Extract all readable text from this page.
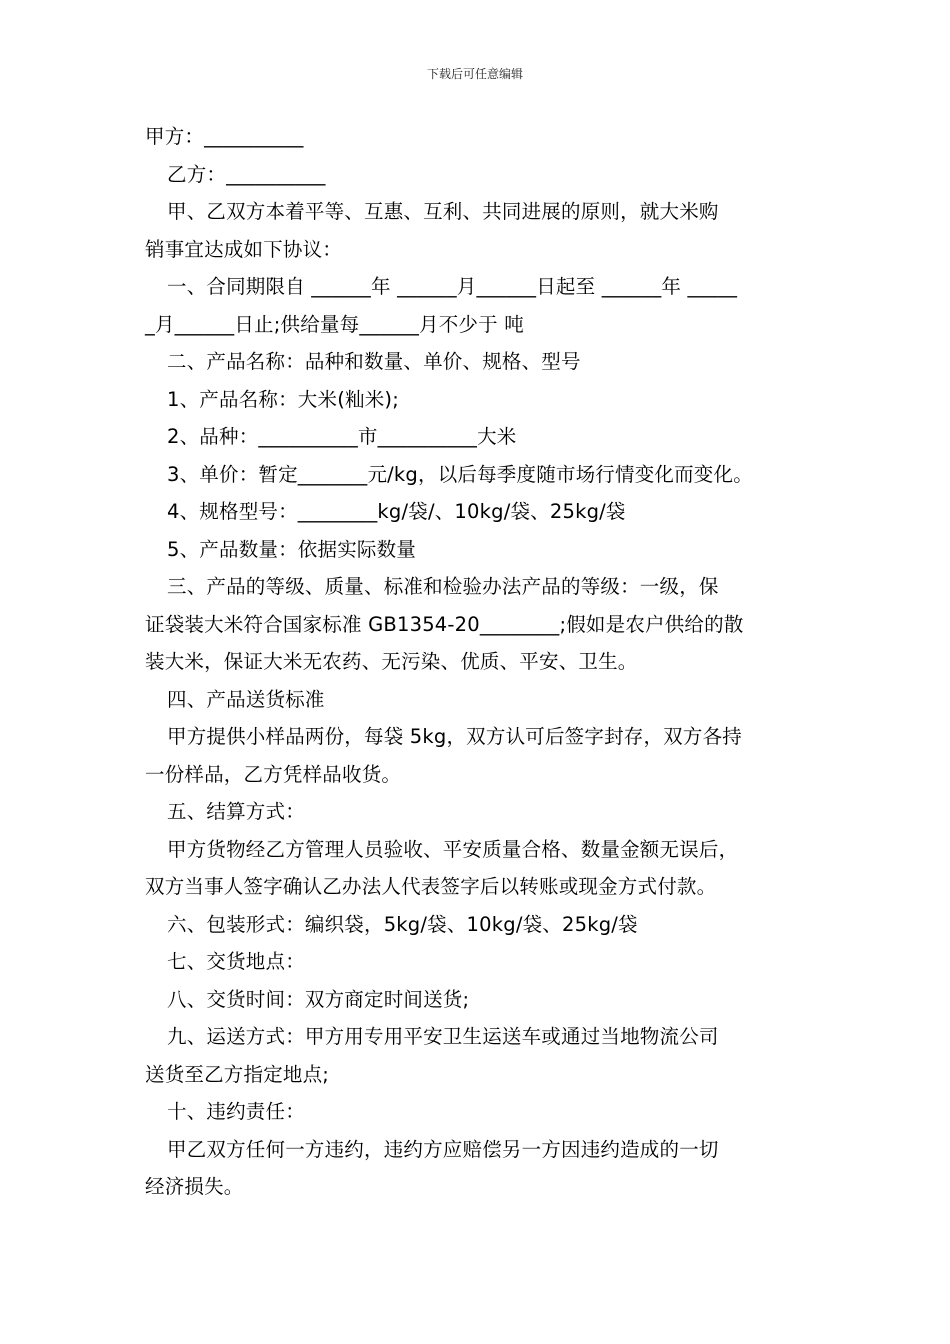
下载后可任意编辑
甲方：__________
乙方：__________
甲、乙双方本着平等、互惠、互利、共同进展的原则，就大米购
销事宜达成如下协议：
一、合同期限自 ______年 ______月______日起至 ______年 _____
_月______日止;供给量每______月不少于 吨
二、产品名称：品种和数量、单价、规格、型号
1、产品名称：大米(籼米);
2、品种：__________市__________大米
3、单价：暂定_______元/kg，以后每季度随市场行情变化而变化。
4、规格型号：________kg/袋/、10kg/袋、25kg/袋
5、产品数量：依据实际数量
三、产品的等级、质量、标准和检验办法产品的等级：一级，保
证袋装大米符合国家标准 GB1354-20________;假如是农户供给的散
装大米，保证大米无农药、无污染、优质、平安、卫生。
四、产品送货标准
甲方提供小样品两份，每袋 5kg，双方认可后签字封存，双方各持
一份样品，乙方凭样品收货。
五、结算方式：
甲方货物经乙方管理人员验收、平安质量合格、数量金额无误后，
双方当事人签字确认乙办法人代表签字后以转账或现金方式付款。
六、包装形式：编织袋，5kg/袋、10kg/袋、25kg/袋
七、交货地点：
八、交货时间：双方商定时间送货;
九、运送方式：甲方用专用平安卫生运送车或通过当地物流公司
送货至乙方指定地点;
十、违约责任：
甲乙双方任何一方违约，违约方应赔偿另一方因违约造成的一切
经济损失。
